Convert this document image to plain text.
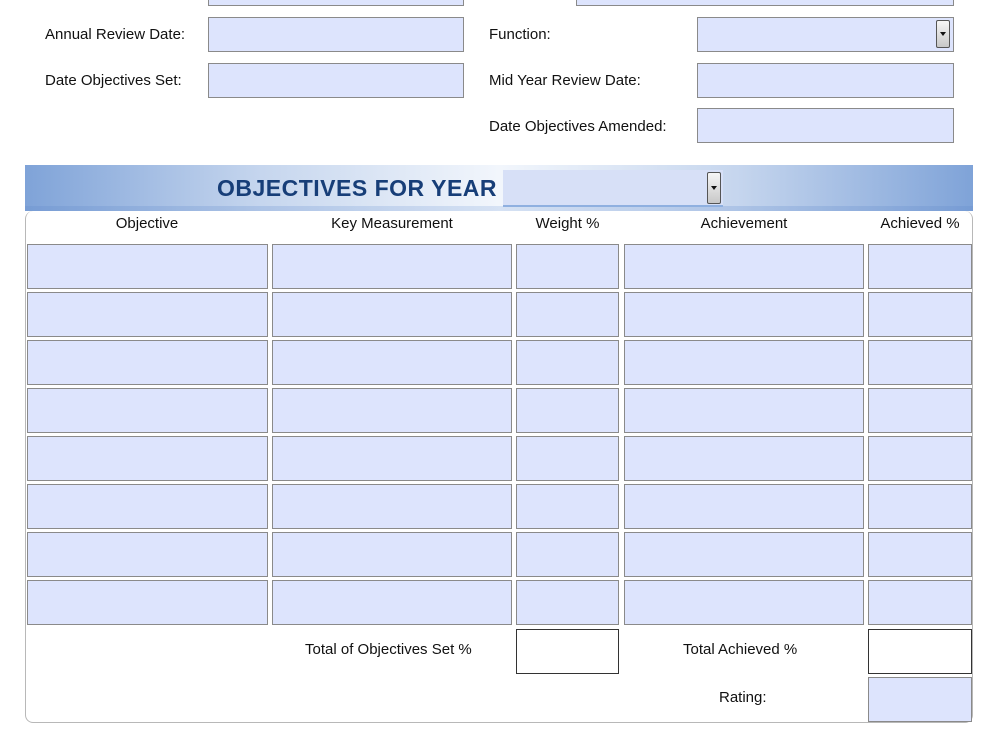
Annual Review Date:
Date Objectives Set:
Function:
Mid Year Review Date:
Date Objectives Amended:
OBJECTIVES FOR YEAR
Objective	Key Measurement	Weight %	Achievement	Achieved %
Total of Objectives Set %	Total Achieved %
Rating:
